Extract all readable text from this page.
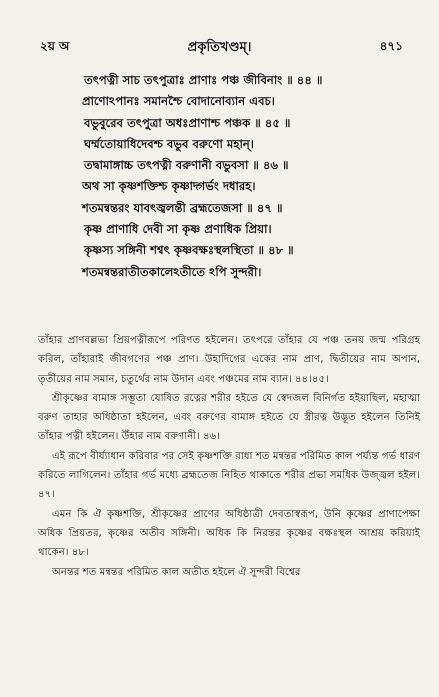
২য় অ	প্রকৃতিখণ্ডম্।	৪৭১
তৎপত্নী সাচ তৎপুত্রাঃ প্রাণাঃ পঞ্চ জীবিনাং ॥ ৪৪ ॥
প্রাণোঽপানঃ সমানশ্চৈ বোদানোব্যান এবচ।
বভুবুরেব তৎপুত্রা অধঃপ্রাণাশ্চ পঞ্চক ॥ ৪৫ ॥
ঘর্ম্মতোয়াধিদেবশ্চ বভুব বরুণো মহান্।
তদ্বামাঙ্গাচ্চ তৎপত্নী বরুণানী বভুবসা ॥ ৪৬ ॥
অথ সা কৃষ্ণশক্তিশ্চ কৃষ্ণাদ্গর্ভং দধারহ।
শতমন্বন্তরং যাবৎজ্বলন্তী ব্রহ্মতেজসা ॥ ৪৭ ॥
কৃষ্ণ প্রাণাধি দেবী সা কৃষ্ণ প্রণাধিক প্রিয়া।
কৃষ্ণস্য সঙ্গিনী শশ্বৎ কৃষ্ণবক্ষঃস্থলস্থিতা ॥ ৪৮ ॥
শতমন্বন্তরাতীতকালেঽতীতে ঽপি সুন্দরী।

তাঁহার প্রাণবল্লভা প্রিয়পত্নীরূপে পরিণত হইলেন। তৎপরে তাঁহার যে পঞ্চ তনয় জন্ম পরিগ্রহ করিল, তাঁহারাই জীবগণের পঞ্চ প্রাণ। উহাদিগের একের নাম প্রাণ, দ্বিতীয়ের নাম অপান, তৃতীয়ের নাম সমান, চতুর্থের নাম উদান এবং পঞ্চমের নাম ব্যান। ৪৪।৪৫।

শ্রীকৃষ্ণের বামাঙ্গ সম্ভূতা যোষিত রত্নের শরীর হইতে যে স্বেদজল বিনির্গত হইয়াছিল, মহাত্মা বরুণ তাহার অধিষ্ঠাতা হইলেন, এবং বরুণের বামাঙ্গ হইতে যে স্ত্রীরত্ন উদ্ভূত হইলেন তিনিই তাঁহার পত্নী হইলেন। উঁহার নাম বরুণানী। ৪৬।

এই রূপে বীর্য্যাধান করিবার পর সেই কৃষ্ণশক্তি রাধা শত মন্বন্তর পরিমিত কাল পর্য্যন্ত গর্ভ ধারণ করিতে লাগিলেন। তাঁহার গর্ভ মধ্যে ব্রহ্মতেজ নিহিত থাকাতে শরীর প্রভা সমধিক উজ্জ্বল হইল। ৪৭।

এমন কি ঐ কৃষ্ণশক্তি, শ্রীকৃষ্ণের প্রাণের অধিষ্ঠাত্রী দেবতাস্বরূপ, উনি কৃষ্ণের প্রাণাপেক্ষা অধিক প্রিয়তর, কৃষ্ণের অতীব সঙ্গিনী। অধিক কি নিরন্তর কৃষ্ণের বক্ষঃস্থল আশ্রয় করিয়াই থাকেন। ৪৮।

অনন্তর শত মন্বন্তর পরিমিত কাল অতীত হইলে ঐ সুন্দরী বিশ্বের
